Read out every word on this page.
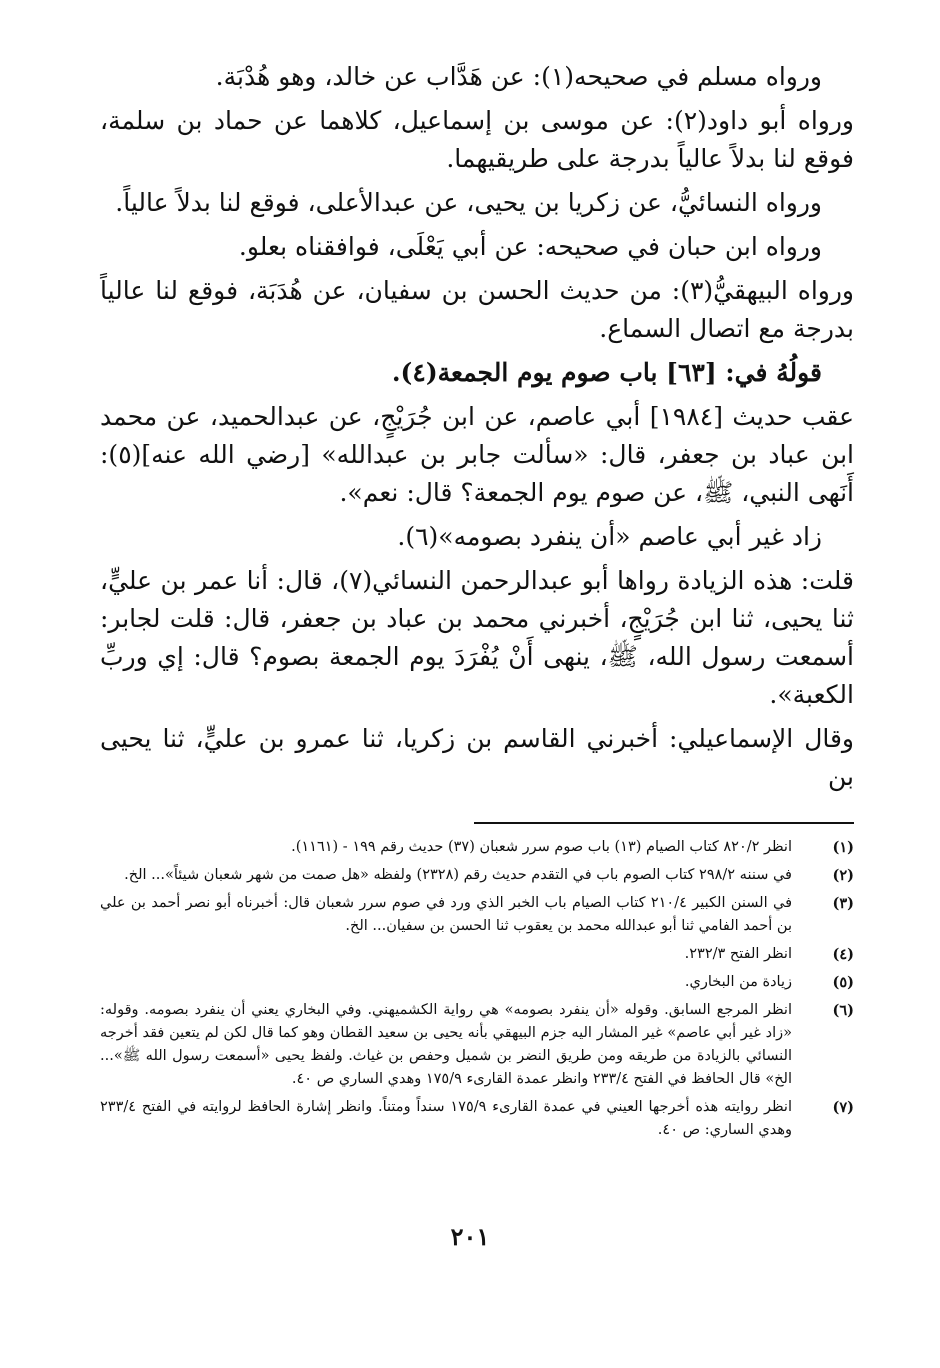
ورواه مسلم في صحيحه(١): عن هَدَّاب عن خالد، وهو هُدْبَة.

ورواه أبو داود(٢): عن موسى بن إسماعيل، كلاهما عن حماد بن سلمة، فوقع لنا بدلاً عالياً بدرجة على طريقيهما.

ورواه النسائيُّ، عن زكريا بن يحيى، عن عبدالأعلى، فوقع لنا بدلاً عالياً.

ورواه ابن حبان في صحيحه: عن أبي يَعْلَى، فوافقناه بعلو.

ورواه البيهقيُّ(٣): من حديث الحسن بن سفيان، عن هُدَبَة، فوقع لنا عالياً بدرجة مع اتصال السماع.

قولُهُ في: [٦٣] باب صوم يوم الجمعة(٤).

عقب حديث [١٩٨٤] أبي عاصم، عن ابن جُرَيْجٍ، عن عبدالحميد، عن محمد ابن عباد بن جعفر، قال: «سألت جابر بن عبدالله» [رضي الله عنه](٥): أَنَهى النبي، ﷺ، عن صوم يوم الجمعة؟ قال: نعم».

زاد غير أبي عاصم «أن ينفرد بصومه»(٦).

قلت: هذه الزيادة رواها أبو عبدالرحمن النسائي(٧)، قال: أنا عمر بن عليٍّ، ثنا يحيى، ثنا ابن جُرَيْجٍ، أخبرني محمد بن عباد بن جعفر، قال: قلت لجابر: أسمعت رسول الله، ﷺ، ينهى أَنْ يُفْرَدَ يوم الجمعة بصوم؟ قال: إي وربِّ الكعبة».

وقال الإسماعيلي: أخبرني القاسم بن زكريا، ثنا عمرو بن عليٍّ، ثنا يحيى بن

(١)
انظر ٨٢٠/٢ كتاب الصيام (١٣) باب صوم سرر شعبان (٣٧) حديث رقم ١٩٩ - (١١٦١).
(٢)
في سننه ٢٩٨/٢ كتاب الصوم باب في التقدم حديث رقم (٢٣٢٨) ولفظه «هل صمت من شهر شعبان شيئاً»... الخ.
(٣)
في السنن الكبير ٢١٠/٤ كتاب الصيام باب الخبر الذي ورد في صوم سرر شعبان قال: أخبرناه أبو نصر أحمد بن علي بن أحمد الفامي ثنا أبو عبدالله محمد بن يعقوب ثنا الحسن بن سفيان... الخ.
(٤)
انظر الفتح ٢٣٢/٣.
(٥)
زيادة من البخاري.
(٦)
انظر المرجع السابق. وقوله «أن ينفرد بصومه» هي رواية الكشميهني. وفي البخاري يعني أن ينفرد بصومه. وقوله: «زاد غير أبي عاصم» غير المشار اليه جزم البيهقي بأنه يحيى بن سعيد القطان وهو كما قال لكن لم يتعين فقد أخرجه النسائي بالزيادة من طريقه ومن طريق النضر بن شميل وحفص بن غياث. ولفظ يحيى «أسمعت رسول الله ﷺ»... الخ» قال الحافظ في الفتح ٢٣٣/٤ وانظر عمدة القارىء ١٧٥/٩ وهدي الساري ص ٤٠.
(٧)
انظر روايته هذه أخرجها العيني في عمدة القارىء ١٧٥/٩ سنداً ومتناً. وانظر إشارة الحافظ لروايته في الفتح ٢٣٣/٤ وهدي الساري: ص ٤٠.
٢٠١
